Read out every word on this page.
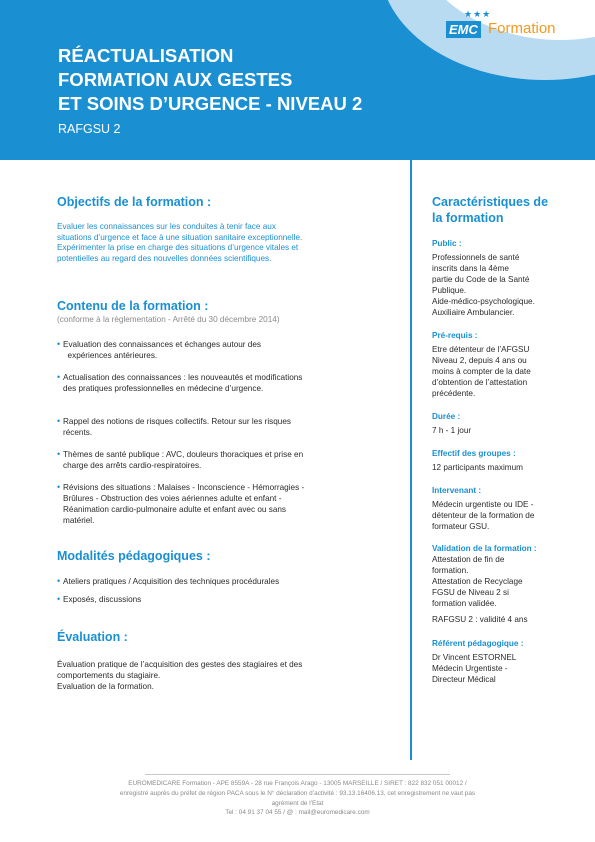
RÉACTUALISATION
FORMATION AUX GESTES
ET SOINS D’URGENCE - NIVEAU 2
RAFGSU 2
★★★
EMC Formation
Objectifs de la formation :
Evaluer les connaissances sur les conduites à tenir face aux
situations d’urgence et face à une situation sanitaire exceptionnelle.
Expérimenter la prise en charge des situations d’urgence vitales et
potentielles au regard des nouvelles données scientifiques.
Contenu de la formation :
(conforme à la règlementation - Arrêté du 30 décembre 2014)
• Evaluation des connaissances et échanges autour des
expériences antérieures.
• Actualisation des connaissances : les nouveautés et modifications
des pratiques professionnelles en médecine d’urgence.
• Rappel des notions de risques collectifs. Retour sur les risques
récents.
• Thèmes de santé publique : AVC, douleurs thoraciques et prise en
charge des arrêts cardio-respiratoires.
• Révisions des situations : Malaises - Inconscience - Hémorragies -
Brûlures - Obstruction des voies aériennes adulte et enfant -
Réanimation cardio-pulmonaire adulte et enfant avec ou sans
matériel.
Modalités pédagogiques :
• Ateliers pratiques / Acquisition des techniques procédurales
• Exposés, discussions
Évaluation :
Évaluation pratique de l’acquisition des gestes des stagiaires et des
comportements du stagiaire.
Evaluation de la formation.
Caractéristiques de
la formation
Public :
Professionnels de santé
inscrits dans la 4ème
partie du Code de la Santé
Publique.
Aide-médico-psychologique.
Auxiliaire Ambulancier.
Pré-requis :
Etre détenteur de l’AFGSU
Niveau 2, depuis 4 ans ou
moins à compter de la date
d’obtention de l’attestation
précédente.
Durée :
7 h - 1 jour
Effectif des groupes :
12 participants maximum
Intervenant :
Médecin urgentiste ou IDE -
détenteur de la formation de
formateur GSU.
Validation de la formation :
Attestation de fin de
formation.
Attestation de Recyclage
FGSU de Niveau 2 si
formation validée.
RAFGSU 2 : validité 4 ans
Référent pédagogique :
Dr Vincent ESTORNEL
Médecin Urgentiste -
Directeur Médical
EUROMEDICARE Formation - APE 8559A - 28 rue François Arago - 13005 MARSEILLE / SIRET : 822 832 051 00012 /
enregistré auprès du préfet de région PACA sous le N° déclaration d’activité : 93.13.16406.13, cet enregistrement ne vaut pas
agrément de l’Etat
Tel : 04 91 37 04 55 / @ : mail@euromedicare.com
